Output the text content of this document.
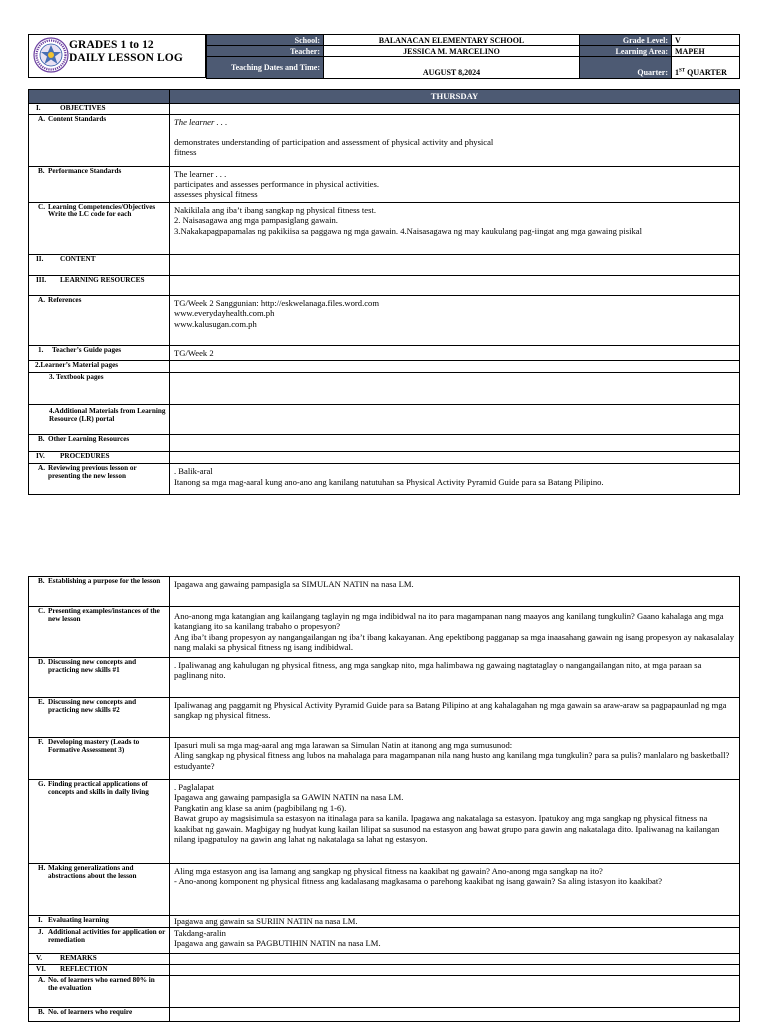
GRADES 1 to 12
DAILY LESSON LOG
School:	BALANACAN ELEMENTARY SCHOOL	Grade Level:	V
Teacher:	JESSICA M. MARCELINO	Learning Area:	MAPEH
Teaching Dates and Time:	AUGUST 8,2024	Quarter:	1ST QUARTER
	THURSDAY

I. OBJECTIVES	

A. Content Standards	The learner . . .
demonstrates understanding of participation and assessment of physical activity and physical
fitness

B. Performance Standards	The learner . . .
participates and assesses performance in physical activities.
assesses physical fitness

C. Learning Competencies/Objectives Write the LC code for each	Nakikilala ang iba’t ibang sangkap ng physical fitness test.
2. Naisasagawa ang mga pampasiglang gawain.
3.Nakakapagpapamalas ng pakikiisa sa paggawa ng mga gawain. 4.Naisasagawa ng may kaukulang pag-iingat ang mga gawaing pisikal

II. CONTENT	

III. LEARNING RESOURCES	

A. References	TG/Week 2 Sanggunian: http://eskwelanaga.files.word.com
www.everydayhealth.com.ph
www.kalusugan.com.ph

1. Teacher’s Guide pages	TG/Week 2
2.Learner’s Material pages	
3. Textbook pages	
4.Additional Materials from Learning Resource (LR) portal	

B. Other Learning Resources	

IV. PROCEDURES	

A. Reviewing previous lesson or presenting the new lesson	. Balik-aral
Itanong sa mga mag-aaral kung ano-ano ang kanilang natutuhan sa Physical Activity Pyramid Guide para sa Batang Pilipino.
B. Establishing a purpose for the lesson	Ipagawa ang gawaing pampasigla sa SIMULAN NATIN na nasa LM.

C. Presenting examples/instances of the new lesson	Ano-anong mga katangian ang kailangang taglayin ng mga indibidwal na ito para magampanan nang maayos ang kanilang tungkulin? Gaano kahalaga ang mga katangiang ito sa kanilang trabaho o propesyon?
Ang iba’t ibang propesyon ay nangangailangan ng iba’t ibang kakayanan. Ang epektibong pagganap sa mga inaasahang gawain ng isang propesyon ay nakasalalay nang malaki sa physical fitness ng isang indibidwal.

D. Discussing new concepts and practicing new skills #1	. Ipaliwanag ang kahulugan ng physical fitness, ang mga sangkap nito, mga halimbawa ng gawaing nagtataglay o nangangailangan nito, at mga paraan sa paglinang nito.

E. Discussing new concepts and practicing new skills #2	Ipaliwanag ang paggamit ng Physical Activity Pyramid Guide para sa Batang Pilipino at ang kahalagahan ng mga gawain sa araw-araw sa pagpapaunlad ng mga sangkap ng physical fitness.

F. Developing mastery (Leads to Formative Assessment 3)	Ipasuri muli sa mga mag-aaral ang mga larawan sa Simulan Natin at itanong ang mga sumusunod:
Aling sangkap ng physical fitness ang lubos na mahalaga para magampanan nila nang husto ang kanilang mga tungkulin? para sa pulis? manlalaro ng basketball? estudyante?

G. Finding practical applications of concepts and skills in daily living	. Paglalapat
Ipagawa ang gawaing pampasigla sa GAWIN NATIN na nasa LM.
Pangkatin ang klase sa anim (pagbibilang ng 1-6).
Bawat grupo ay magsisimula sa estasyon na itinalaga para sa kanila. Ipagawa ang nakatalaga sa estasyon. Ipatukoy ang mga sangkap ng physical fitness na kaakibat ng gawain. Magbigay ng hudyat kung kailan lilipat sa susunod na estasyon ang bawat grupo para gawin ang nakatalaga dito. Ipaliwanag na kailangan nilang ipagpatuloy na gawin ang lahat ng nakatalaga sa lahat ng estasyon.

H. Making generalizations and abstractions about the lesson	Aling mga estasyon ang isa lamang ang sangkap ng physical fitness na kaakibat ng gawain? Ano-anong mga sangkap na ito?
- Ano-anong komponent ng physical fitness ang kadalasang magkasama o parehong kaakibat ng isang gawain? Sa aling istasyon ito kaakibat?

I. Evaluating learning	Ipagawa ang gawain sa SURIIN NATIN na nasa LM.

J. Additional activities for application or remediation	Takdang-aralin
Ipagawa ang gawain sa PAGBUTIHIN NATIN na nasa LM.

V. REMARKS	

VI. REFLECTION	

A. No. of learners who earned 80% in the evaluation	

B. No. of learners who require	
